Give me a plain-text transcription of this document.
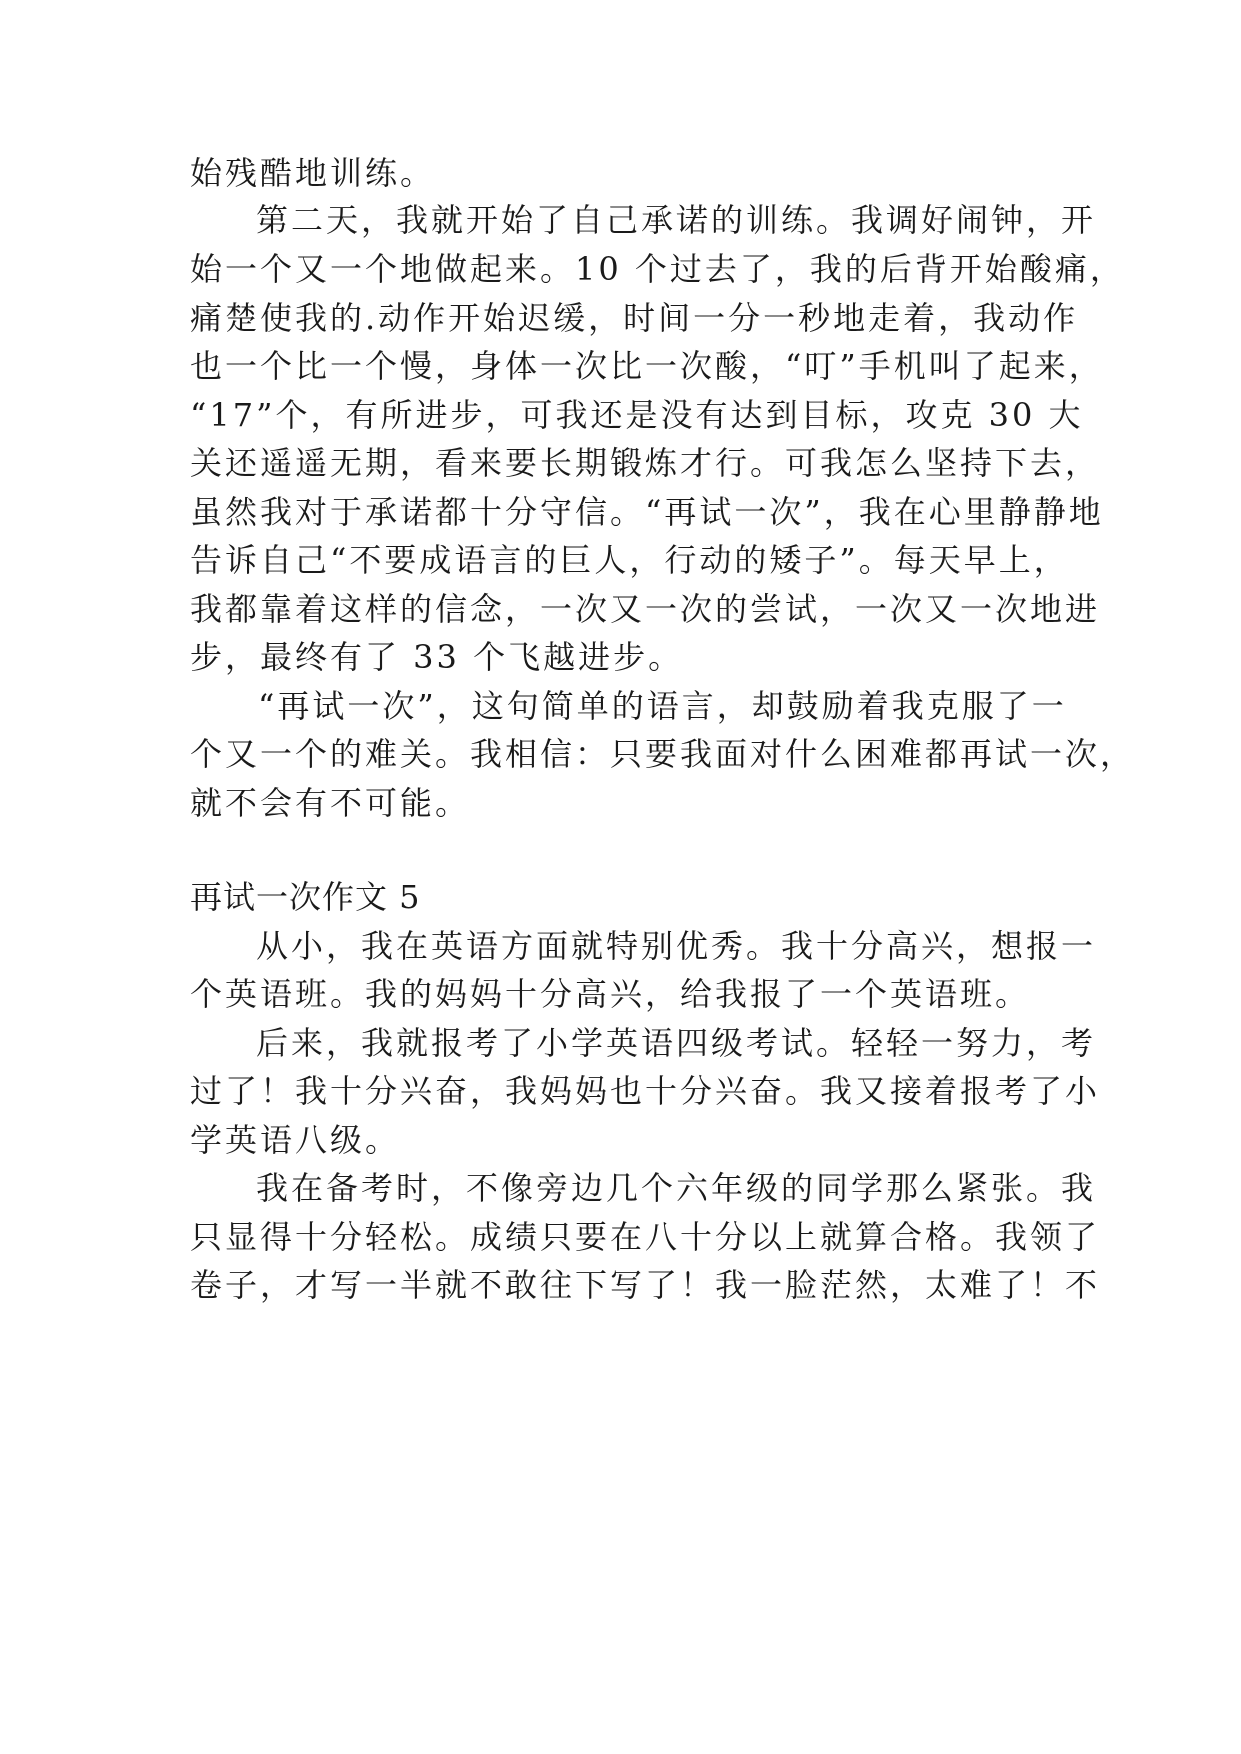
始残酷地训练。
第二天，我就开始了自己承诺的训练。我调好闹钟，开
始一个又一个地做起来。10 个过去了，我的后背开始酸痛，
痛楚使我的.动作开始迟缓，时间一分一秒地走着，我动作
也一个比一个慢，身体一次比一次酸，“叮”手机叫了起来，
“17”个，有所进步，可我还是没有达到目标，攻克 30 大
关还遥遥无期，看来要长期锻炼才行。可我怎么坚持下去，
虽然我对于承诺都十分守信。“再试一次”，我在心里静静地
告诉自己“不要成语言的巨人，行动的矮子”。每天早上，
我都靠着这样的信念，一次又一次的尝试，一次又一次地进
步，最终有了 33 个飞越进步。
“再试一次”，这句简单的语言，却鼓励着我克服了一
个又一个的难关。我相信：只要我面对什么困难都再试一次，
就不会有不可能。
再试一次作文 5
从小，我在英语方面就特别优秀。我十分高兴，想报一
个英语班。我的妈妈十分高兴，给我报了一个英语班。
后来，我就报考了小学英语四级考试。轻轻一努力，考
过了！我十分兴奋，我妈妈也十分兴奋。我又接着报考了小
学英语八级。
我在备考时，不像旁边几个六年级的同学那么紧张。我
只显得十分轻松。成绩只要在八十分以上就算合格。我领了
卷子，才写一半就不敢往下写了！我一脸茫然，太难了！不
